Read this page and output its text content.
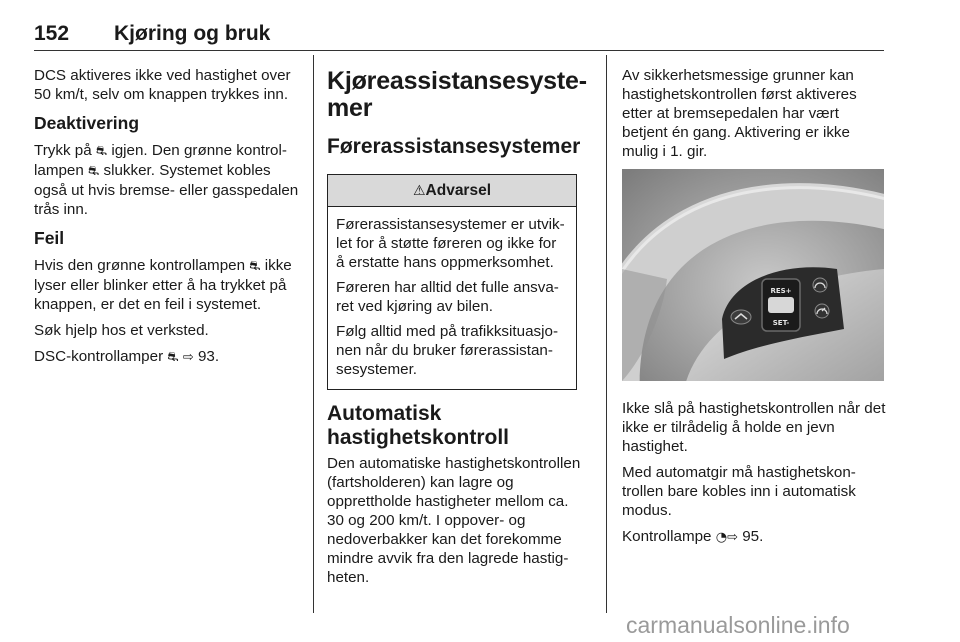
152 Kjøring og bruk

DCS aktiveres ikke ved hastighet over 50 km/t, selv om knappen trykkes inn.

Deaktivering

Trykk på ⛐ igjen. Den grønne kontrollampen ⛐ slukker. Systemet kobles også ut hvis bremse- eller gasspedalen trås inn.

Feil

Hvis den grønne kontrollampen ⛐ ikke lyser eller blinker etter å ha trykket på knappen, er det en feil i systemet.

Søk hjelp hos et verksted.

DSC-kontrollamper ⛐ ⇨ 93.

Kjøreassistansesystemer
Førerassistansesystemer
⚠Advarsel

Førerassistansesystemer er utviklet for å støtte føreren og ikke for å erstatte hans oppmerksomhet.

Føreren har alltid det fulle ansvaret ved kjøring av bilen.

Følg alltid med på trafikksituasjonen når du bruker førerassistansesystemer.

Automatisk hastighetskontroll

Den automatiske hastighetskontrollen (fartsholderen) kan lagre og opprettholde hastigheter mellom ca. 30 og 200 km/t. I oppover- og nedoverbakker kan det forekomme mindre avvik fra den lagrede hastigheten.

Av sikkerhetsmessige grunner kan hastighetskontrollen først aktiveres etter at bremsepedalen har vært betjent én gang. Aktivering er ikke mulig i 1. gir.

RES+
SET-

Ikke slå på hastighetskontrollen når det ikke er tilrådelig å holde en jevn hastighet.

Med automatgir må hastighetskontrollen bare kobles inn i automatisk modus.

Kontrollampe ◔⇨ 95.

carmanualsonline.info
